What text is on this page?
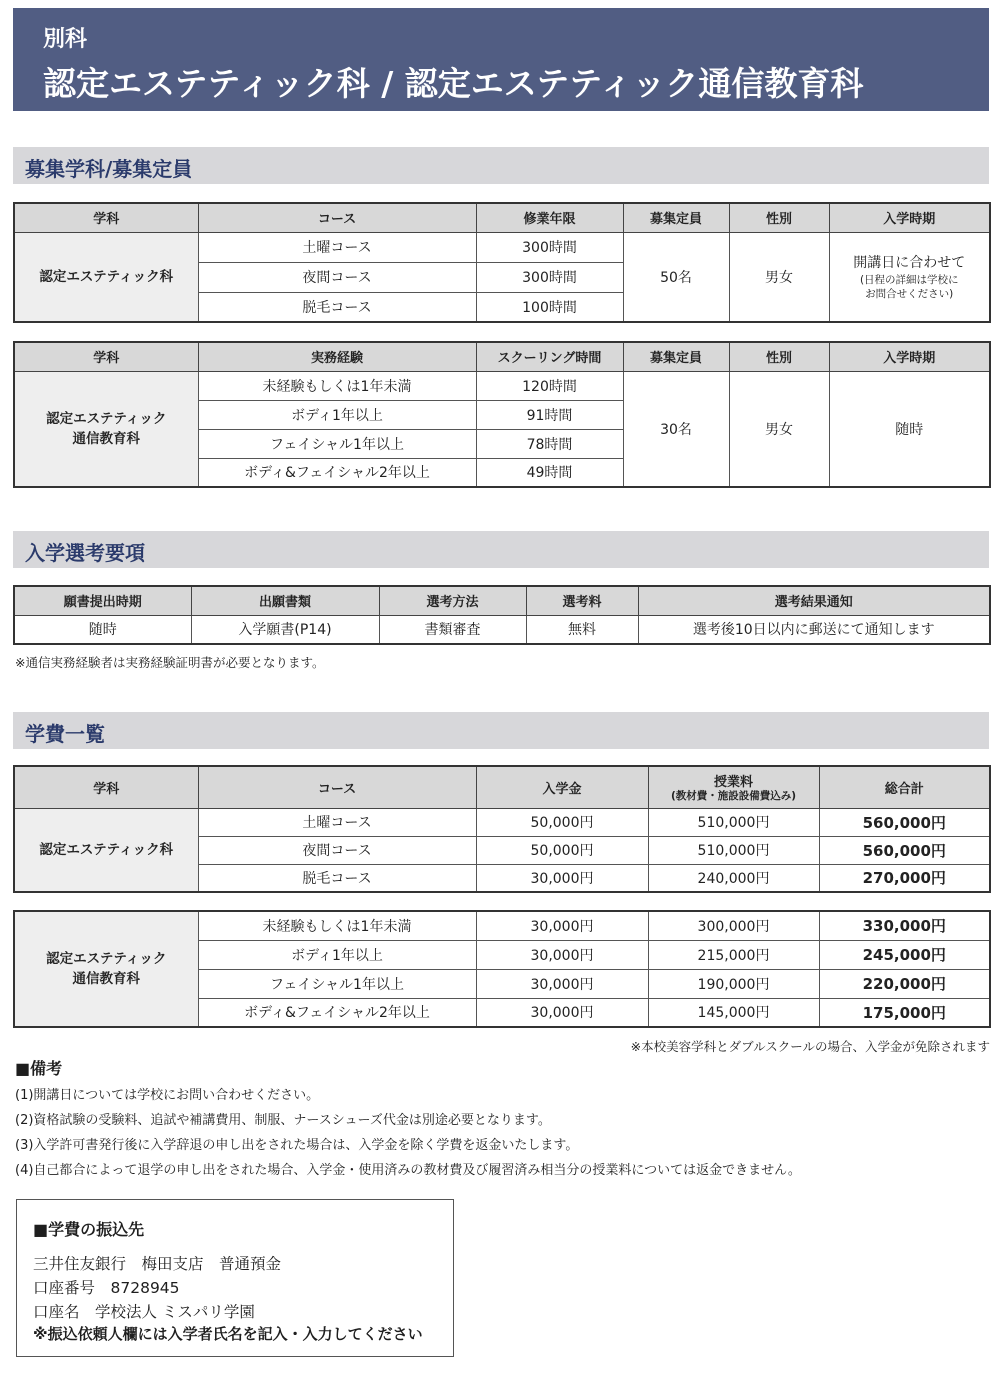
別科
認定エステティック科 / 認定エステティック通信教育科
募集学科/募集定員
学科	コース	修業年限	募集定員	性別	入学時期
認定エステティック科	土曜コース	300時間	50名	男女	開講日に合わせて
(日程の詳細は学校に
お問合せください)

	夜間コース	300時間			
	脱毛コース	100時間			
学科	実務経験	スクーリング時間	募集定員	性別	入学時期
認定エステティック
通信教育科	未経験もしくは1年未満	120時間	30名	男女	随時
	ボディ1年以上	91時間			
	フェイシャル1年以上	78時間			
	ボディ&フェイシャル2年以上	49時間			
入学選考要項
願書提出時期	出願書類	選考方法	選考料	選考結果通知
随時	入学願書(P14)	書類審査	無料	選考後10日以内に郵送にて通知します
※通信実務経験者は実務経験証明書が必要となります。
学費一覧
学科	コース	入学金	授業料
(教材費・施設設備費込み)	総合計
認定エステティック科	土曜コース	50,000円	510,000円	560,000円
	夜間コース	50,000円	510,000円	560,000円
	脱毛コース	30,000円	240,000円	270,000円
認定エステティック
通信教育科	未経験もしくは1年未満	30,000円	300,000円	330,000円
	ボディ1年以上	30,000円	215,000円	245,000円
	フェイシャル1年以上	30,000円	190,000円	220,000円
	ボディ&フェイシャル2年以上	30,000円	145,000円	175,000円
※本校美容学科とダブルスクールの場合、入学金が免除されます
■備考
(1)開講日については学校にお問い合わせください。
(2)資格試験の受験料、追試や補講費用、制服、ナースシューズ代金は別途必要となります。
(3)入学許可書発行後に入学辞退の申し出をされた場合は、入学金を除く学費を返金いたします。
(4)自己都合によって退学の申し出をされた場合、入学金・使用済みの教材費及び履習済み相当分の授業料については返金できません。
■学費の振込先
三井住友銀行　梅田支店　普通預金
口座番号　8728945
口座名　学校法人 ミスパリ学園
※振込依頼人欄には入学者氏名を記入・入力してください
